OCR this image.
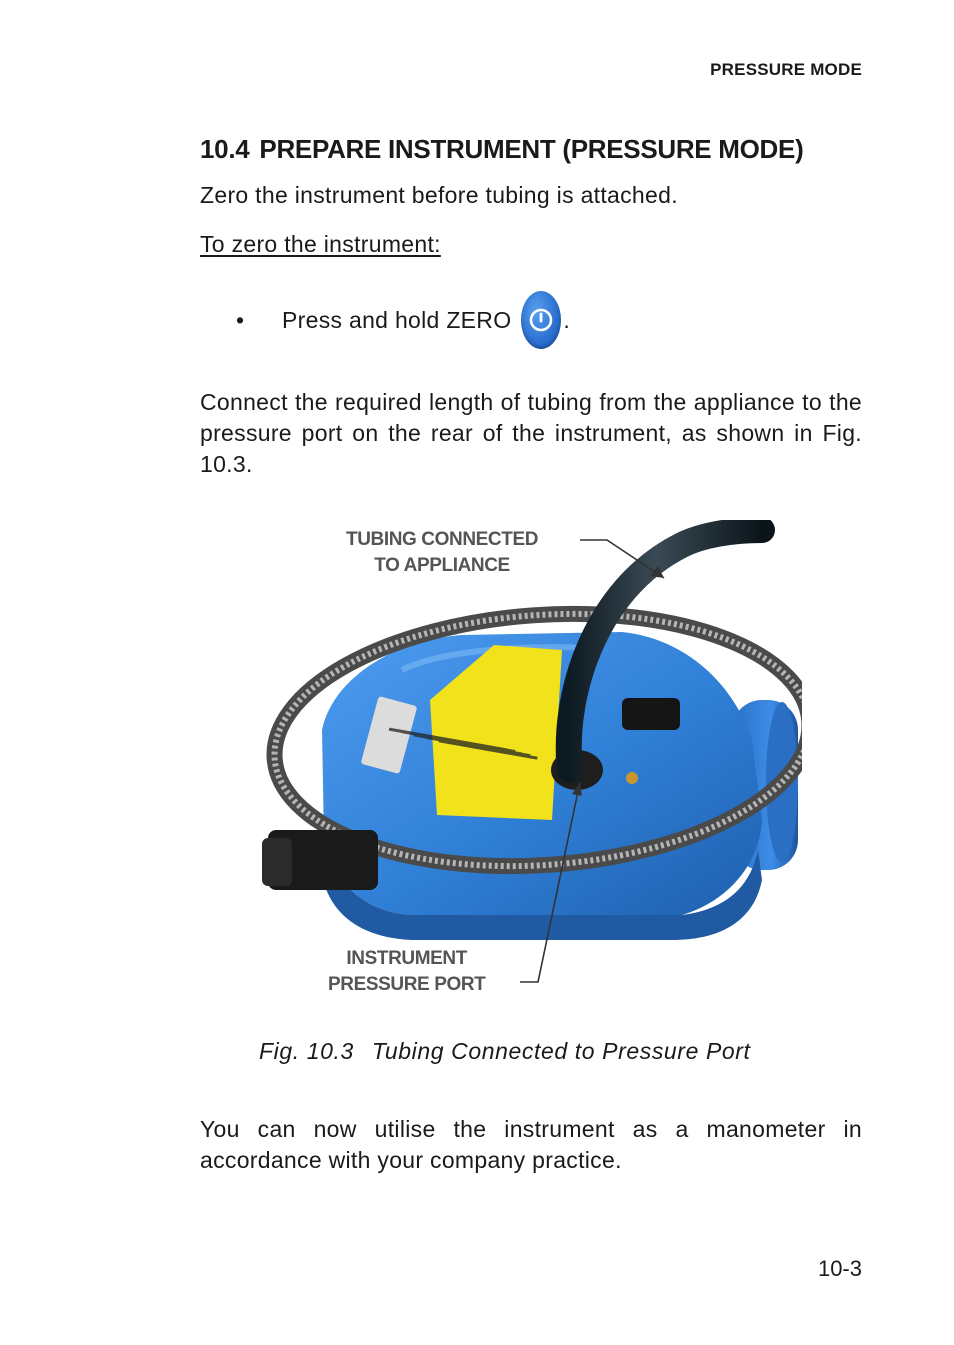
PRESSURE MODE
10.4 PREPARE INSTRUMENT (PRESSURE MODE)
Zero the instrument before tubing is attached.
To zero the instrument:
•	Press and hold ZERO .
Connect the required length of tubing from the appliance to the pressure port on the rear of the instrument, as shown in Fig. 10.3.
TUBING CONNECTED
TO APPLIANCE
INSTRUMENT
PRESSURE PORT
Fig. 10.3 Tubing Connected to Pressure Port
You can now utilise the instrument as a manometer in accordance with your company practice.
10-3
